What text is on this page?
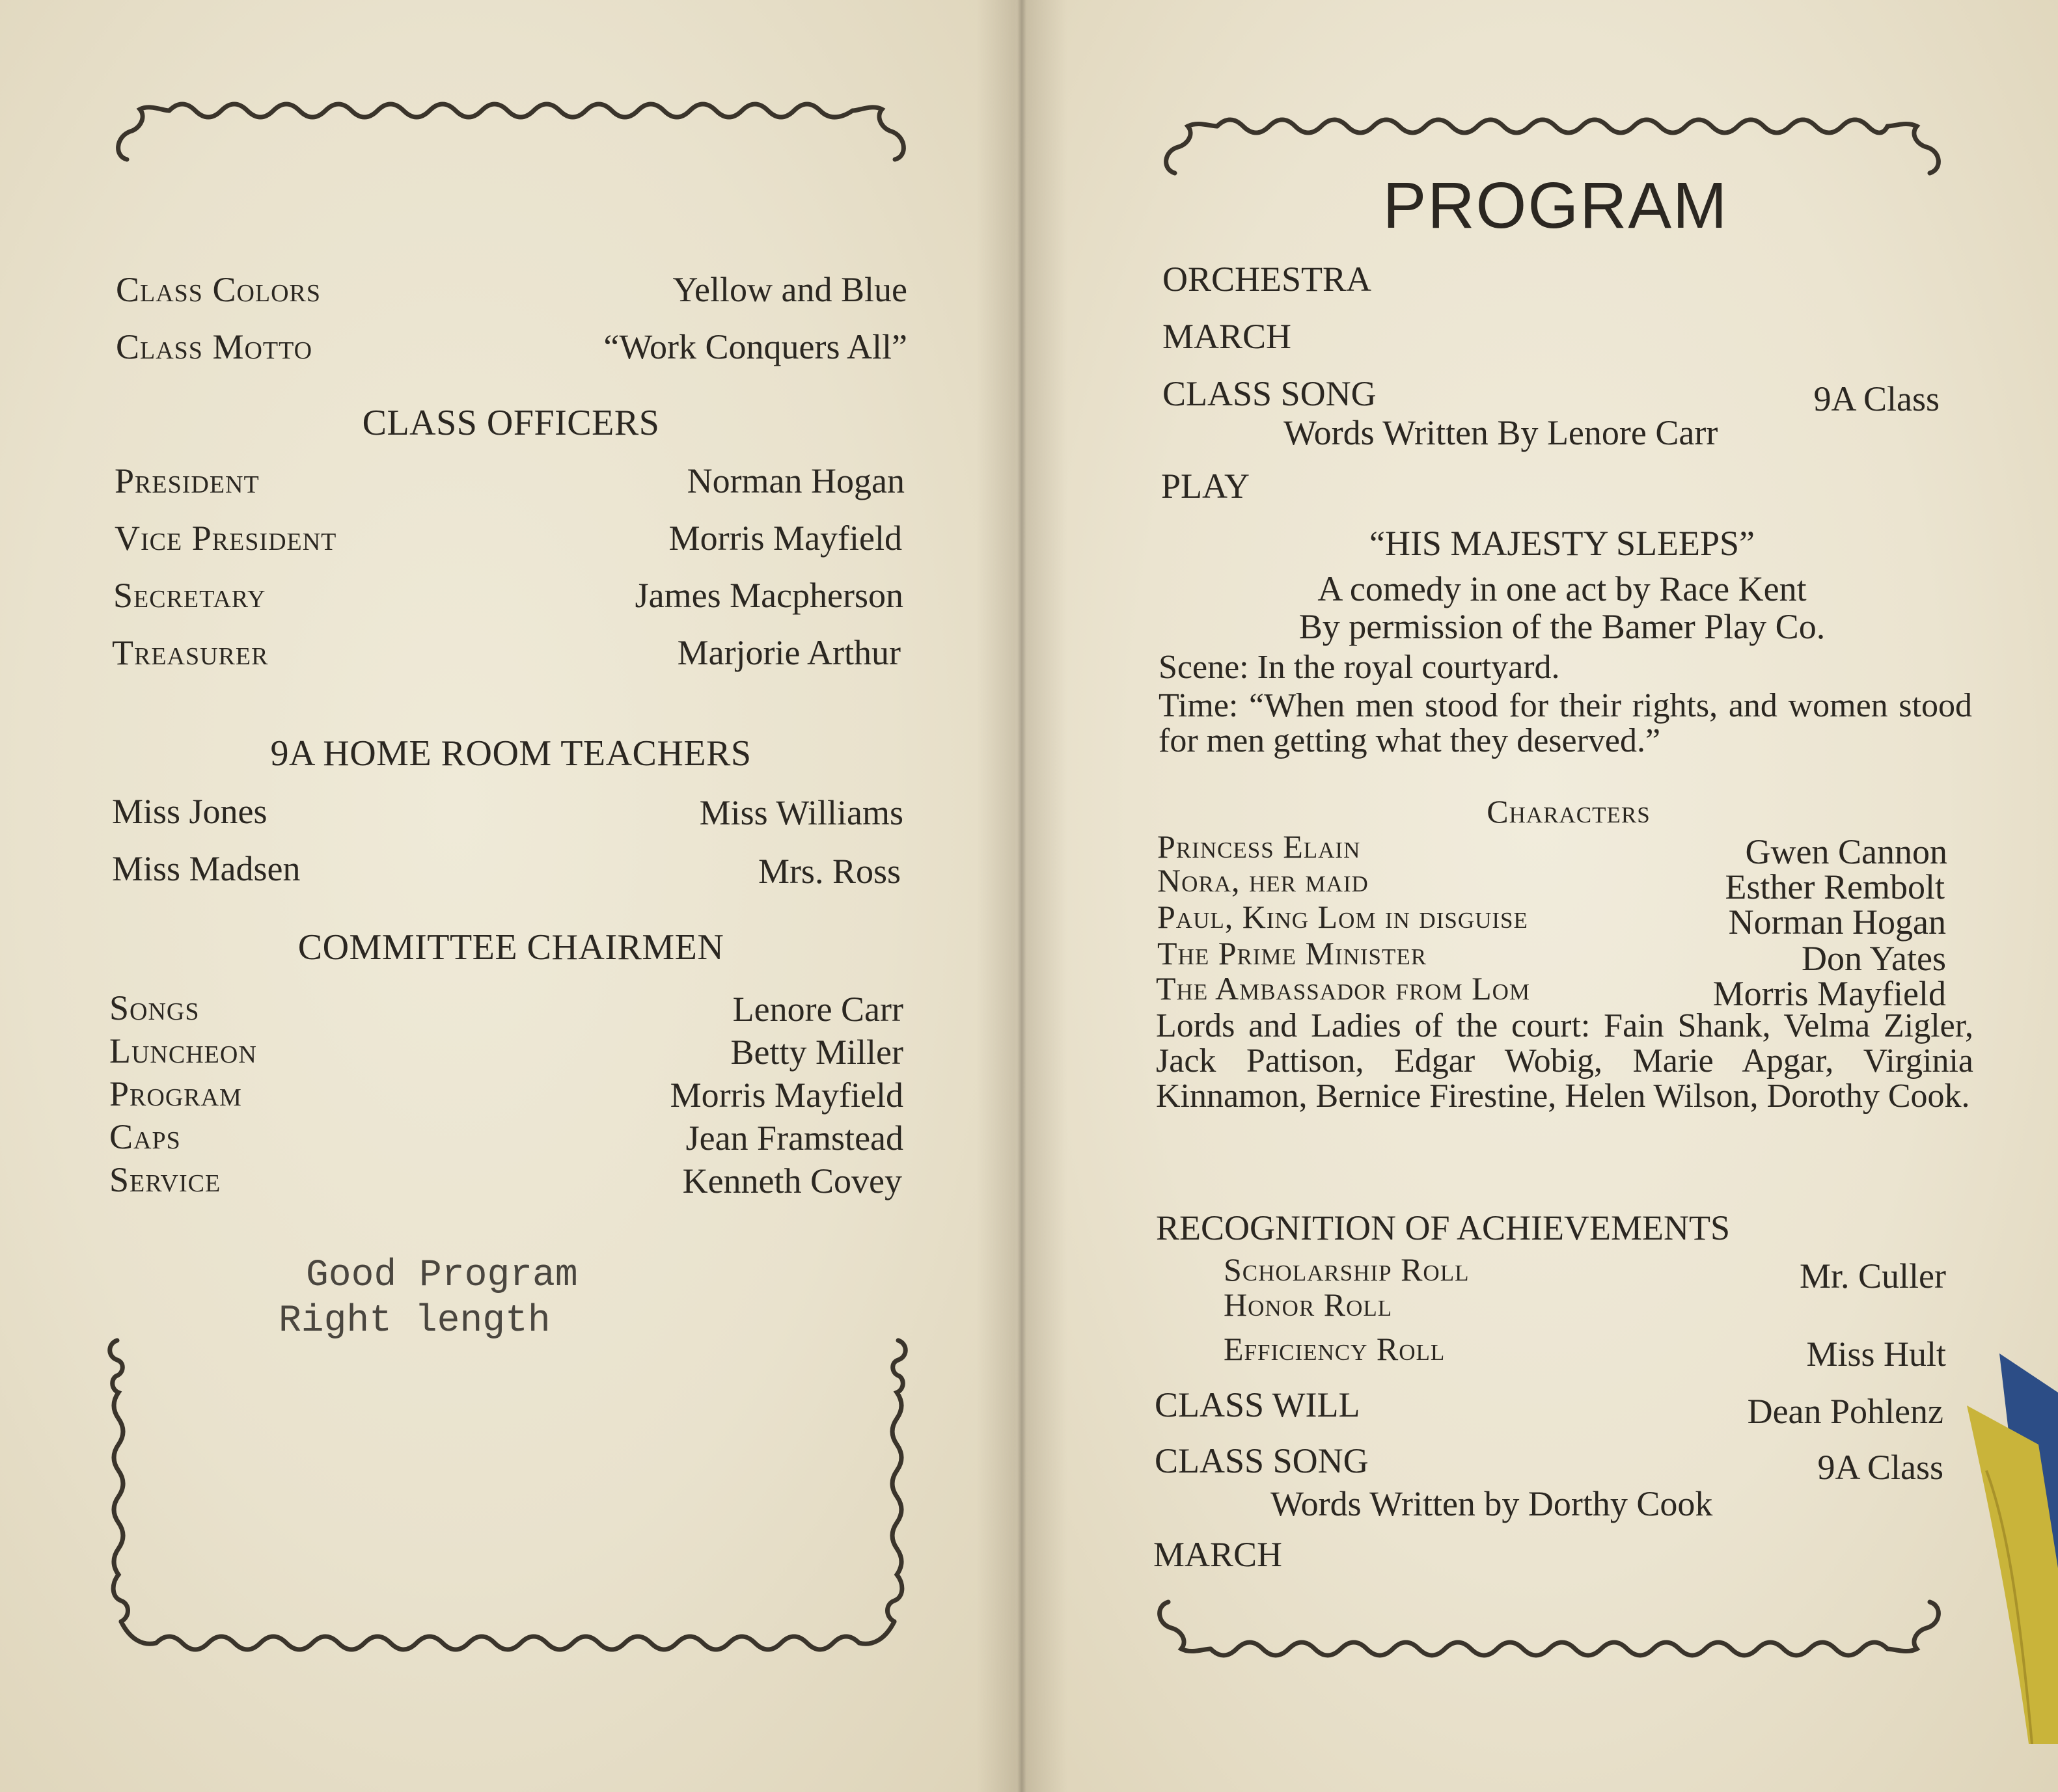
Class Colors	Yellow and Blue
Class Motto	“Work Conquers All”
CLASS OFFICERS
President	Norman Hogan
Vice President	Morris Mayfield
Secretary	James Macpherson
Treasurer	Marjorie Arthur
9A HOME ROOM TEACHERS
Miss Jones	Miss Williams
Miss Madsen	Mrs. Ross
COMMITTEE CHAIRMEN
Songs	Lenore Carr
Luncheon	Betty Miller
Program	Morris Mayfield
Caps	Jean Framstead
Service	Kenneth Covey
Good Program
Right length
PROGRAM
ORCHESTRA
MARCH
CLASS SONG	9A Class
Words Written By Lenore Carr
PLAY
“HIS MAJESTY SLEEPS”
A comedy in one act by Race Kent
By permission of the Bamer Play Co.
Scene: In the royal courtyard.
Time: “When men stood for their rights, and women stood for men getting what they deserved.”
Characters
Princess Elain	Gwen Cannon
Nora, her maid	Esther Rembolt
Paul, King Lom in disguise	Norman Hogan
The Prime Minister	Don Yates
The Ambassador from Lom	Morris Mayfield
Lords and Ladies of the court: Fain Shank, Velma Zigler, Jack Pattison, Edgar Wobig, Marie Apgar, Virginia Kinnamon, Bernice Firestine, Helen Wilson, Dorothy Cook.
RECOGNITION OF ACHIEVEMENTS
Scholarship Roll	Mr. Culler
Honor Roll
Efficiency Roll	Miss Hult
CLASS WILL	Dean Pohlenz
CLASS SONG	9A Class
Words Written by Dorthy Cook
MARCH
